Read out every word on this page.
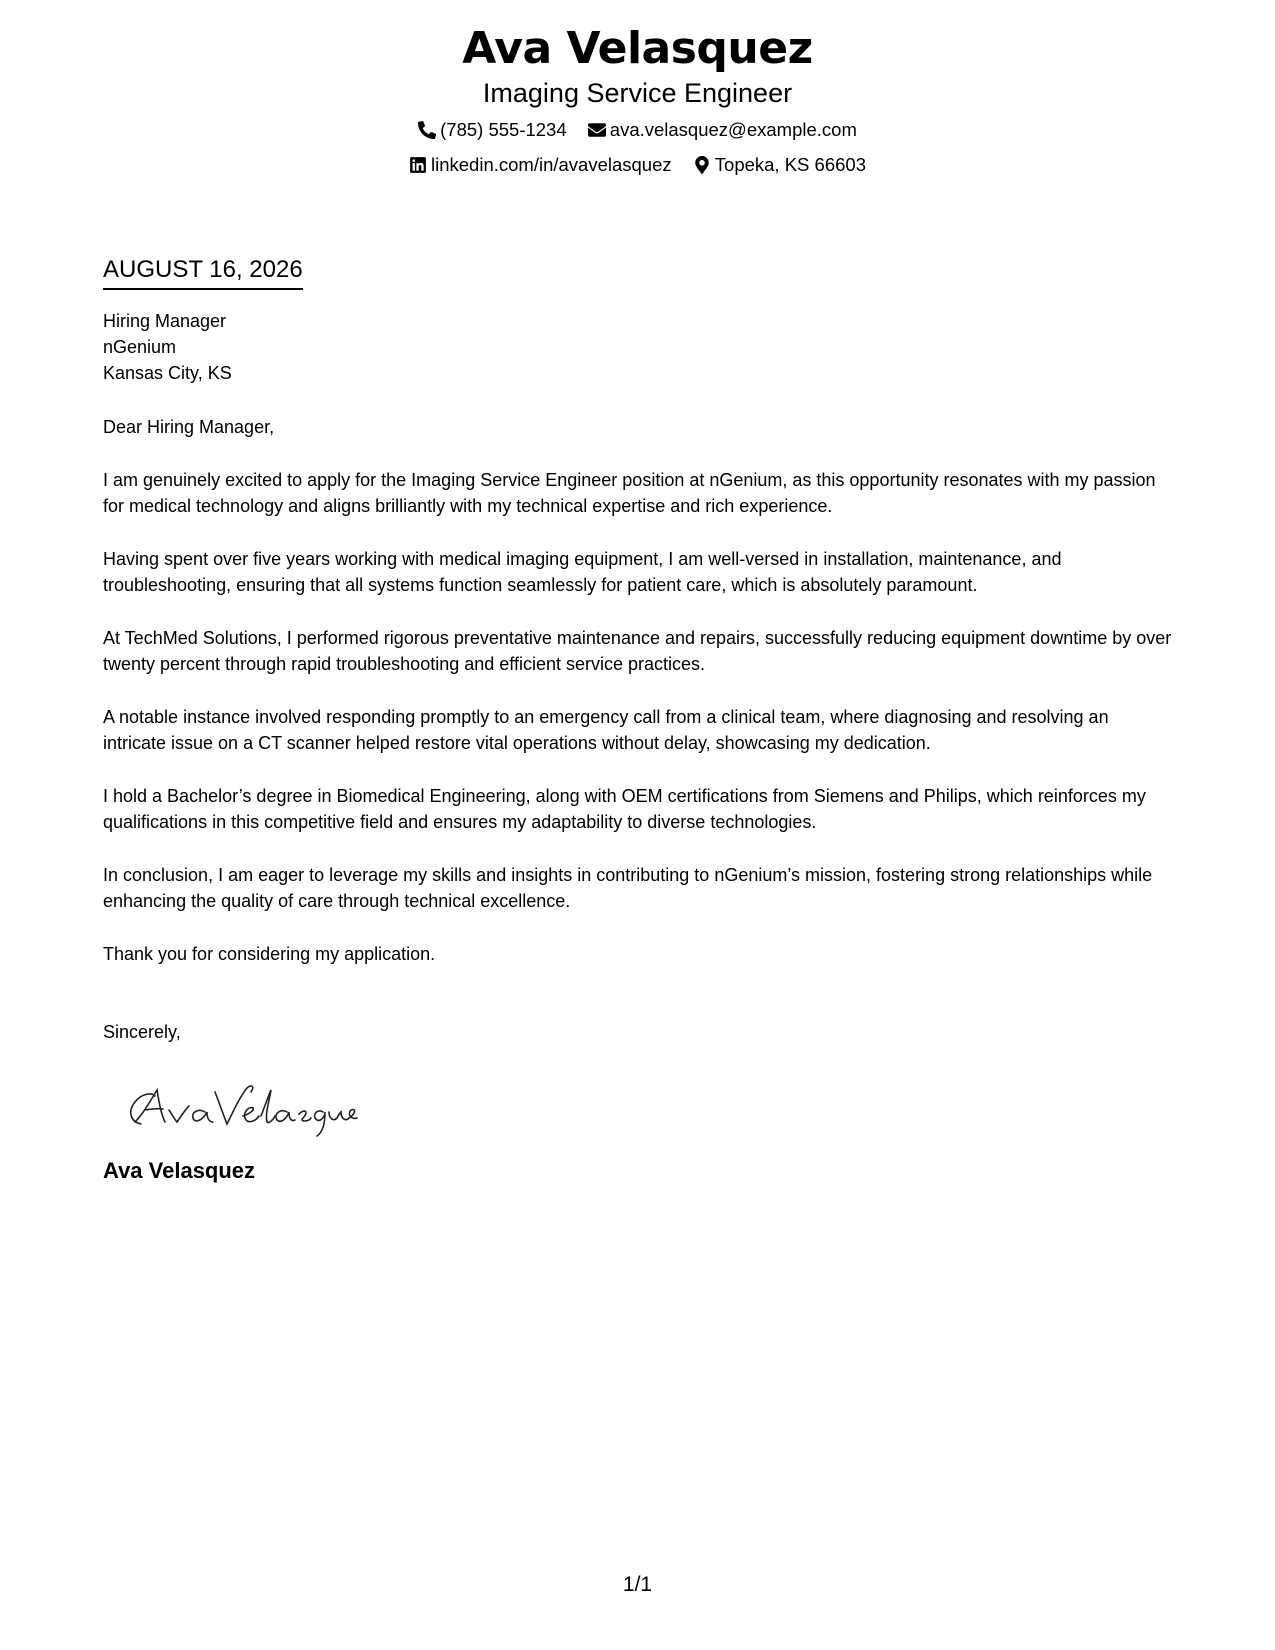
Ava Velasquez
Imaging Service Engineer
(785) 555-1234
ava.velasquez@example.com
linkedin.com/in/avavelasquez
Topeka, KS 66603
AUGUST 16, 2026
Hiring Manager
nGenium
Kansas City, KS
Dear Hiring Manager,
I am genuinely excited to apply for the Imaging Service Engineer position at nGenium, as this opportunity resonates with my passion for medical technology and aligns brilliantly with my technical expertise and rich experience.
Having spent over five years working with medical imaging equipment, I am well-versed in installation, maintenance, and troubleshooting, ensuring that all systems function seamlessly for patient care, which is absolutely paramount.
At TechMed Solutions, I performed rigorous preventative maintenance and repairs, successfully reducing equipment downtime by over twenty percent through rapid troubleshooting and efficient service practices.
A notable instance involved responding promptly to an emergency call from a clinical team, where diagnosing and resolving an intricate issue on a CT scanner helped restore vital operations without delay, showcasing my dedication.
I hold a Bachelor’s degree in Biomedical Engineering, along with OEM certifications from Siemens and Philips, which reinforces my qualifications in this competitive field and ensures my adaptability to diverse technologies.
In conclusion, I am eager to leverage my skills and insights in contributing to nGenium’s mission, fostering strong relationships while enhancing the quality of care through technical excellence.
Thank you for considering my application.
Sincerely,
Ava Velasquez
1/1
